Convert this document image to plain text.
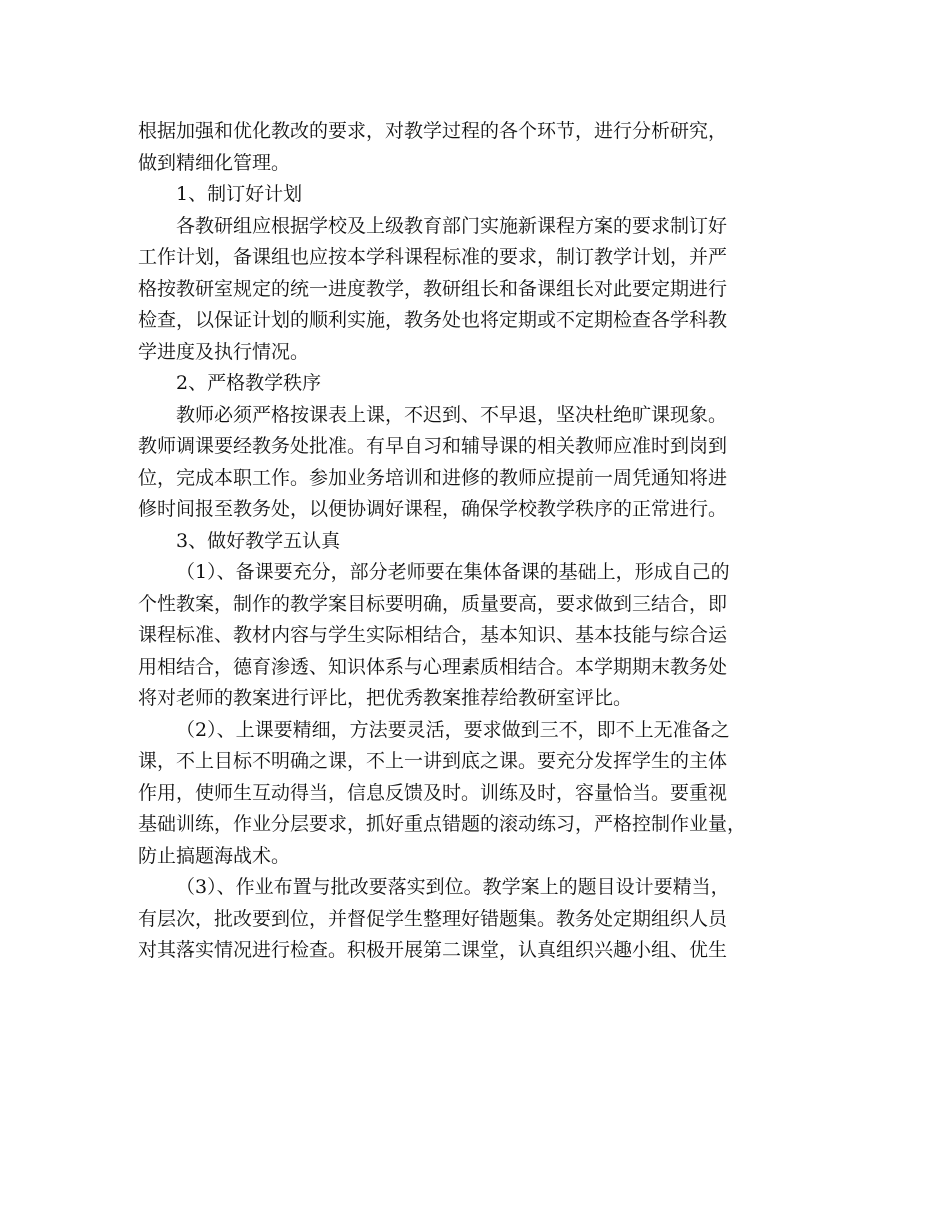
根据加强和优化教改的要求，对教学过程的各个环节，进行分析研究，
做到精细化管理。
1、制订好计划
各教研组应根据学校及上级教育部门实施新课程方案的要求制订好
工作计划，备课组也应按本学科课程标准的要求，制订教学计划，并严
格按教研室规定的统一进度教学，教研组长和备课组长对此要定期进行
检查，以保证计划的顺利实施，教务处也将定期或不定期检查各学科教
学进度及执行情况。
2、严格教学秩序
教师必须严格按课表上课，不迟到、不早退，坚决杜绝旷课现象。
教师调课要经教务处批准。有早自习和辅导课的相关教师应准时到岗到
位，完成本职工作。参加业务培训和进修的教师应提前一周凭通知将进
修时间报至教务处，以便协调好课程，确保学校教学秩序的正常进行。
3、做好教学五认真
（1）、备课要充分，部分老师要在集体备课的基础上，形成自己的
个性教案，制作的教学案目标要明确，质量要高，要求做到三结合，即
课程标准、教材内容与学生实际相结合，基本知识、基本技能与综合运
用相结合，德育渗透、知识体系与心理素质相结合。本学期期末教务处
将对老师的教案进行评比，把优秀教案推荐给教研室评比。
（2）、上课要精细，方法要灵活，要求做到三不，即不上无准备之
课，不上目标不明确之课，不上一讲到底之课。要充分发挥学生的主体
作用，使师生互动得当，信息反馈及时。训练及时，容量恰当。要重视
基础训练，作业分层要求，抓好重点错题的滚动练习，严格控制作业量，
防止搞题海战术。
（3）、作业布置与批改要落实到位。教学案上的题目设计要精当，
有层次，批改要到位，并督促学生整理好错题集。教务处定期组织人员
对其落实情况进行检查。积极开展第二课堂，认真组织兴趣小组、优生
